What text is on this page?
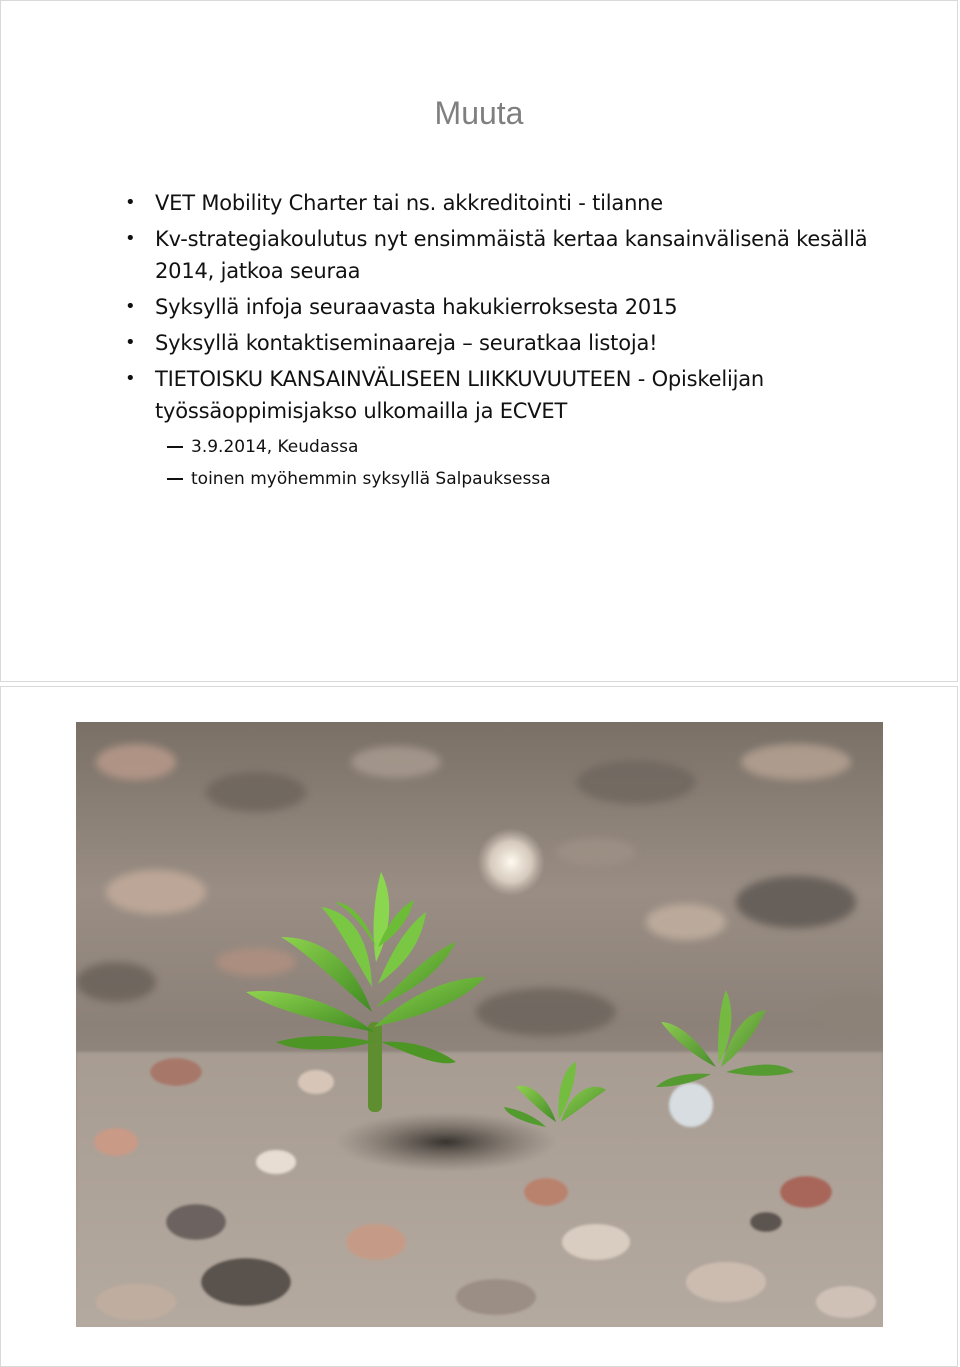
Muuta
• VET Mobility Charter tai ns. akkreditointi - tilanne
• Kv-strategiakoulutus nyt ensimmäistä kertaa kansainvälisenä kesällä 2014, jatkoa seuraa
• Syksyllä infoja seuraavasta hakukierroksesta 2015
• Syksyllä kontaktiseminaareja – seuratkaa listoja!
• TIETOISKU KANSAINVÄLISEEN LIIKKUVUUTEEN - Opiskelijan työssäoppimisjakso ulkomailla ja ECVET
3.9.2014, Keudassa
toinen myöhemmin syksyllä Salpauksessa
